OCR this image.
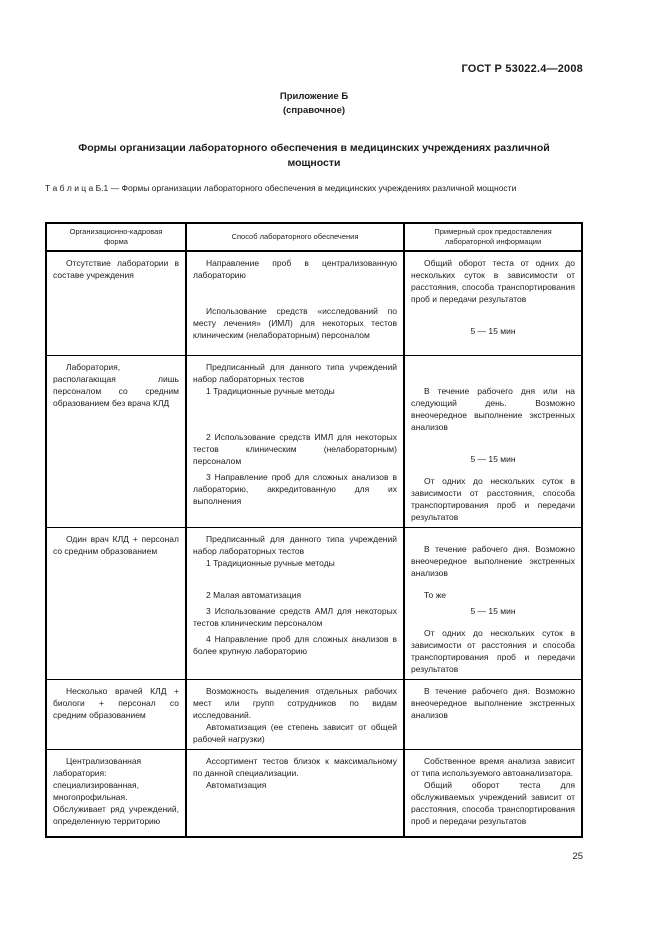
ГОСТ Р 53022.4—2008
Приложение Б
(справочное)
Формы организации лабораторного обеспечения в медицинских учреждениях различной мощности
Т а б л и ц а Б.1 — Формы организации лабораторного обеспечения в медицинских учреждениях различной мощности
Организационно-кадровая форма
Способ лабораторного обеспечения
Примерный срок предоставления лабораторной информации
Отсутствие лаборатории в составе учреждения
Направление проб в централизованную лабораторию
Использование средств «исследований по месту лечения» (ИМЛ) для некоторых тестов клиническим (нелабораторным) персоналом
Общий оборот теста от одних до нескольких суток в зависимости от расстояния, способа транспортирования проб и передачи результатов
5 — 15 мин
Лаборатория, располагающая лишь персоналом со средним образованием без врача КЛД
Предписанный для данного типа учреждений набор лабораторных тестов
1 Традиционные ручные методы
2 Использование средств ИМЛ для некоторых тестов клиническим (нелабораторным) персоналом
3 Направление проб для сложных анализов в лабораторию, аккредитованную для их выполнения
В течение рабочего дня или на следующий день. Возможно внеочередное выполнение экстренных анализов
5 — 15 мин
От одних до нескольких суток в зависимости от расстояния, способа транспортирования проб и передачи результатов
Один врач КЛД + персонал со средним образованием
Предписанный для данного типа учреждений набор лабораторных тестов
1 Традиционные ручные методы
2 Малая автоматизация
3 Использование средств АМЛ для некоторых тестов клиническим персоналом
4 Направление проб для сложных анализов в более крупную лабораторию
В течение рабочего дня. Возможно внеочередное выполнение экстренных анализов
То же
5 — 15 мин
От одних до нескольких суток в зависимости от расстояния и способа транспортирования проб и передачи результатов
Несколько врачей КЛД + биологи + персонал со средним образованием
Возможность выделения отдельных рабочих мест или групп сотрудников по видам исследований.
Автоматизация (ее степень зависит от общей рабочей нагрузки)
В течение рабочего дня. Возможно внеочередное выполнение экстренных анализов
Централизованная лаборатория: специализированная, многопрофильная. Обслуживает ряд учреждений, определенную территорию
Ассортимент тестов близок к максимальному по данной специализации.
Автоматизация
Собственное время анализа зависит от типа используемого автоанализатора.
Общий оборот теста для обслуживаемых учреждений зависит от расстояния, способа транспортирования проб и передачи результатов
25
